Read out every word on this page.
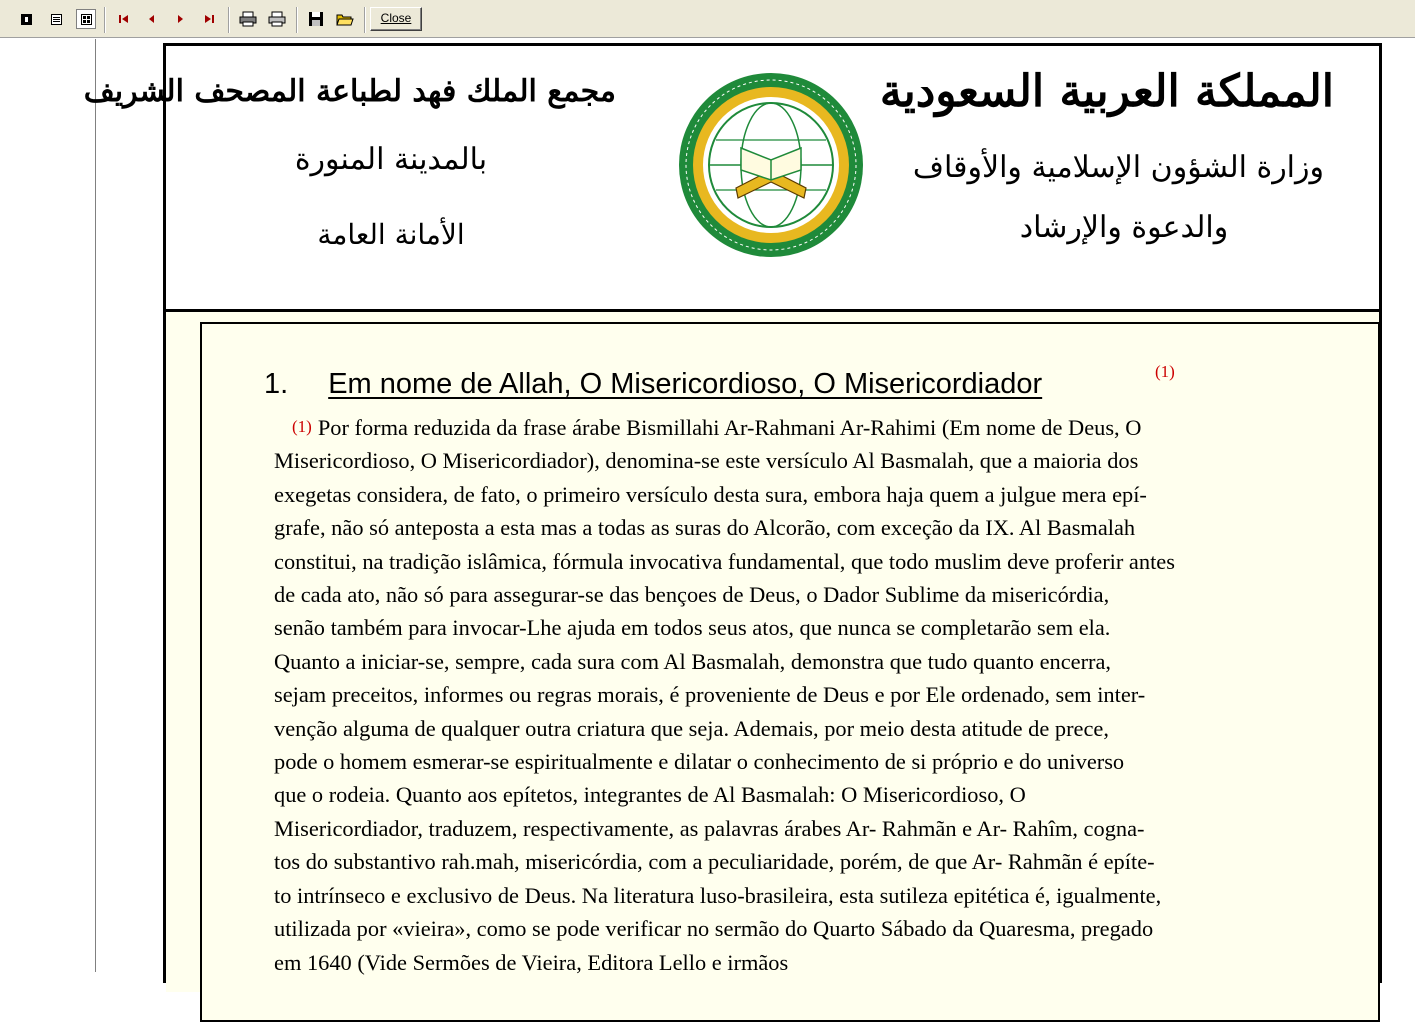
Close
المملكة العربية السعودية
وزارة الشؤون الإسلامية والأوقاف
والدعوة والإرشاد
مجمع الملك فهد لطباعة المصحف الشريف
بالمدينة المنورة
الأمانة العامة
1. Em nome de Allah, O Misericordioso, O Misericordiador	(1)
(1) Por forma reduzida da frase árabe Bismillahi Ar-Rahmani Ar-Rahimi (Em nome de Deus, O
Misericordioso, O Misericordiador), denomina-se este versículo Al Basmalah, que a maioria dos
exegetas considera, de fato, o primeiro versículo desta sura, embora haja quem a julgue mera epí-
grafe, não só anteposta a esta mas a todas as suras do Alcorão, com exceção da IX. Al Basmalah
constitui, na tradição islâmica, fórmula invocativa fundamental, que todo muslim deve proferir antes
de cada ato, não só para assegurar-se das bençoes de Deus, o Dador Sublime da misericórdia,
senão também para invocar-Lhe ajuda em todos seus atos, que nunca se completarão sem ela.
Quanto a iniciar-se, sempre, cada sura com Al Basmalah, demonstra que tudo quanto encerra,
sejam preceitos, informes ou regras morais, é proveniente de Deus e por Ele ordenado, sem inter-
venção alguma de qualquer outra criatura que seja. Ademais, por meio desta atitude de prece,
pode o homem esmerar-se espiritualmente e dilatar o conhecimento de si próprio e do universo
que o rodeia. Quanto aos epítetos, integrantes de Al Basmalah: O Misericordioso, O
Misericordiador, traduzem, respectivamente, as palavras árabes Ar- Rahmãn e Ar- Rahîm, cogna-
tos do substantivo rah.mah, misericórdia, com a peculiaridade, porém, de que Ar- Rahmãn é epíte-
to intrínseco e exclusivo de Deus. Na literatura luso-brasileira, esta sutileza epitética é, igualmente,
utilizada por «vieira», como se pode verificar no sermão do Quarto Sábado da Quaresma, pregado
em 1640 (Vide Sermões de Vieira, Editora Lello e irmãos
